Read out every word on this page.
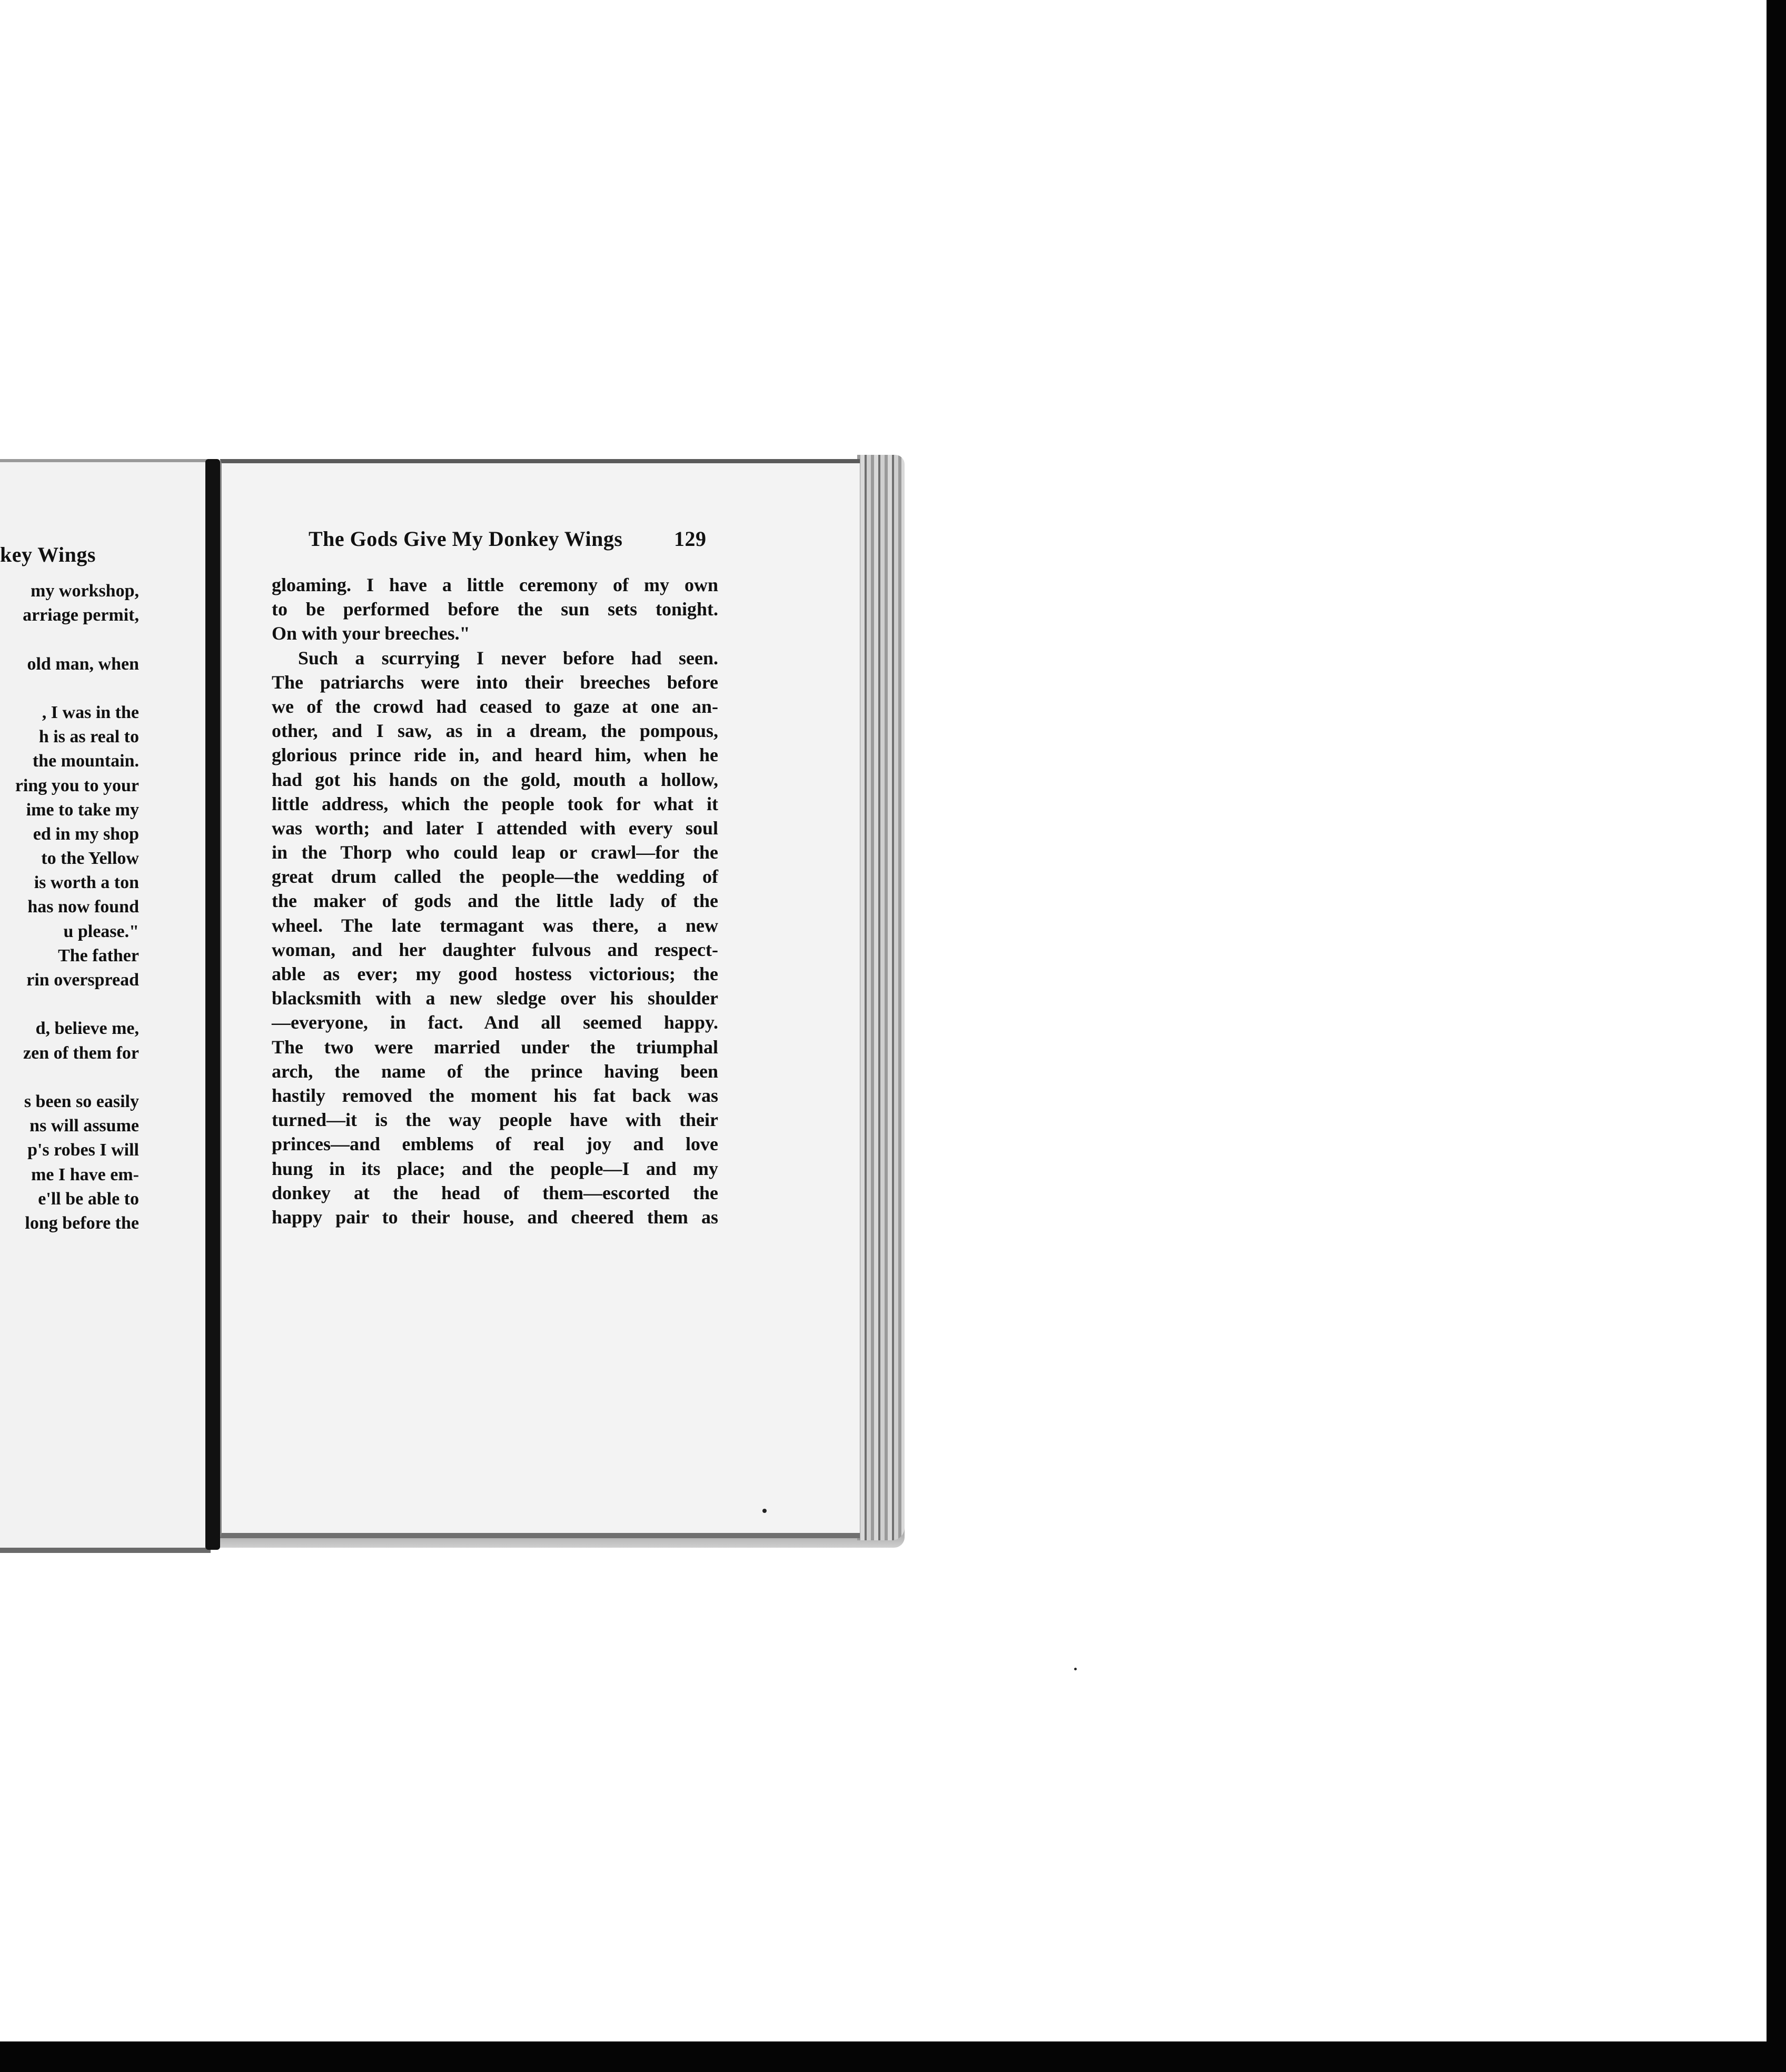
key Wings
my workshop,
arriage permit,
old man, when
, I was in the
h is as real to
the mountain.
ring you to your
ime to take my
ed in my shop
to the Yellow
is worth a ton
has now found
u please."
The father
rin overspread
d, believe me,
zen of them for
s been so easily
ns will assume
p's robes I will
me I have em-
e'll be able to
long before the
The Gods Give My Donkey Wings 129
gloaming. I have a little ceremony of my own
to be performed before the sun sets tonight.
On with your breeches."
Such a scurrying I never before had seen.
The patriarchs were into their breeches before
we of the crowd had ceased to gaze at one an-
other, and I saw, as in a dream, the pompous,
glorious prince ride in, and heard him, when he
had got his hands on the gold, mouth a hollow,
little address, which the people took for what it
was worth; and later I attended with every soul
in the Thorp who could leap or crawl—for the
great drum called the people—the wedding of
the maker of gods and the little lady of the
wheel. The late termagant was there, a new
woman, and her daughter fulvous and respect-
able as ever; my good hostess victorious; the
blacksmith with a new sledge over his shoulder
—everyone, in fact. And all seemed happy.
The two were married under the triumphal
arch, the name of the prince having been
hastily removed the moment his fat back was
turned—it is the way people have with their
princes—and emblems of real joy and love
hung in its place; and the people—I and my
donkey at the head of them—escorted the
happy pair to their house, and cheered them as
